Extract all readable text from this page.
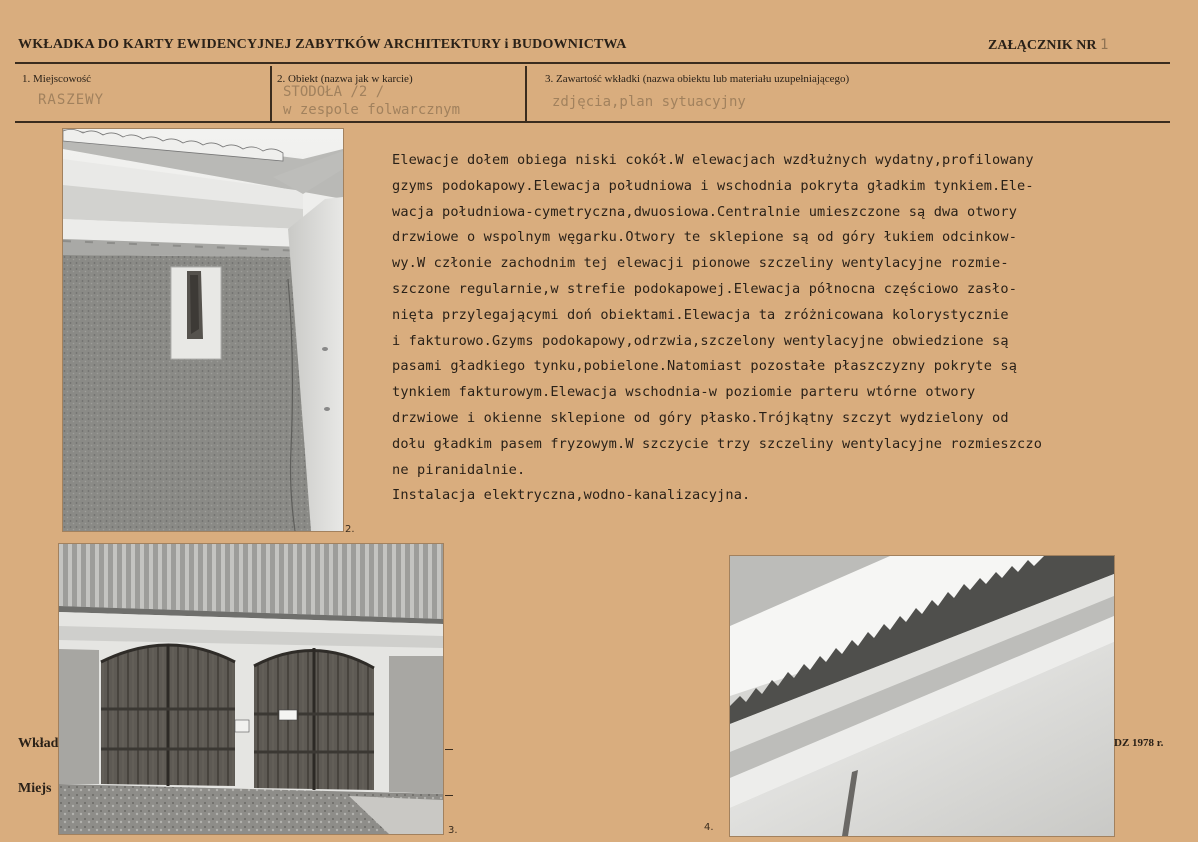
WKŁADKA DO KARTY EWIDENCYJNEJ ZABYTKÓW ARCHITEKTURY i BUDOWNICTWA	ZAŁĄCZNIK NR 1
1. Miejscowość
RASZEWY
2. Obiekt (nazwa jak w karcie)
STODOŁA /2 /
w zespole folwarcznym
3. Zawartość wkładki (nazwa obiektu lub materiału uzupełniającego)
zdjęcia,plan sytuacyjny
2.
Elewacje dołem obiega niski cokół.W elewacjach wzdłużnych wydatny,profilowany
gzyms podokapowy.Elewacja południowa i wschodnia pokryta gładkim tynkiem.Ele-
wacja południowa-cymetryczna,dwuosiowa.Centralnie umieszczone są dwa otwory
drzwiowe o wspolnym węgarku.Otwory te sklepione są od góry łukiem odcinkow-
wy.W członie zachodnim tej elewacji pionowe szczeliny wentylacyjne rozmie-
szczone regularnie,w strefie podokapowej.Elewacja północna częściowo zasło-
nięta przylegającymi doń obiektami.Elewacja ta zróżnicowana kolorystycznie
i fakturowo.Gzyms podokapowy,odrzwia,szczelony wentylacyjne obwiedzione są
pasami gładkiego tynku,pobielone.Natomiast pozostałe płaszczyzny pokryte są
tynkiem fakturowym.Elewacja wschodnia-w poziomie parteru wtórne otwory
drzwiowe i okienne sklepione od góry płasko.Trójkątny szczyt wydzielony od
dołu gładkim pasem fryzowym.W szczycie trzy szczeliny wentylacyjne rozmieszczo
ne piranidalnie.
Instalacja elektryczna,wodno-kanalizacyjna.
Wkład
Miejs
DZ 1978 r.
3.	4.
